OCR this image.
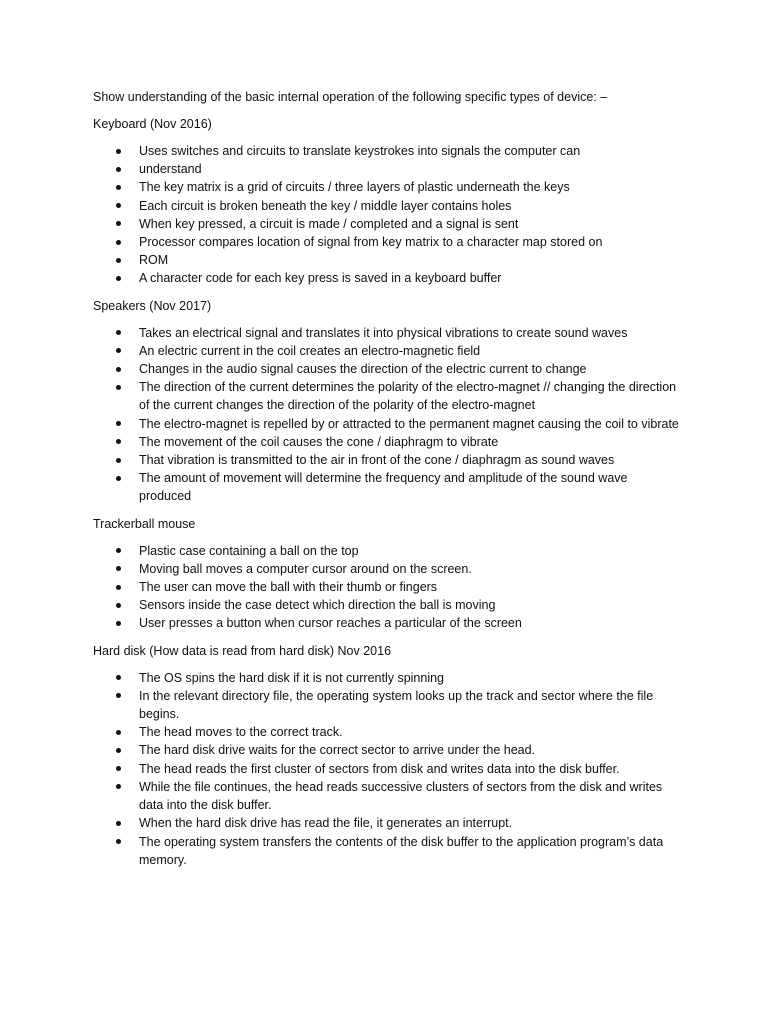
Show understanding of the basic internal operation of the following specific types of device: –

Keyboard (Nov 2016)

Uses switches and circuits to translate keystrokes into signals the computer can
understand
The key matrix is a grid of circuits / three layers of plastic underneath the keys
Each circuit is broken beneath the key / middle layer contains holes
When key pressed, a circuit is made / completed and a signal is sent
Processor compares location of signal from key matrix to a character map stored on
ROM
A character code for each key press is saved in a keyboard buffer

Speakers (Nov 2017)

Takes an electrical signal and translates it into physical vibrations to create sound waves
An electric current in the coil creates an electro-magnetic field
Changes in the audio signal causes the direction of the electric current to change
The direction of the current determines the polarity of the electro-magnet // changing the direction of the current changes the direction of the polarity of the electro-magnet
The electro-magnet is repelled by or attracted to the permanent magnet causing the coil to vibrate
The movement of the coil causes the cone / diaphragm to vibrate
That vibration is transmitted to the air in front of the cone / diaphragm as sound waves
The amount of movement will determine the frequency and amplitude of the sound wave produced

Trackerball mouse

Plastic case containing a ball on the top
Moving ball moves a computer cursor around on the screen.
The user can move the ball with their thumb or fingers
Sensors inside the case detect which direction the ball is moving
User presses a button when cursor reaches a particular of the screen

Hard disk (How data is read from hard disk) Nov 2016

The OS spins the hard disk if it is not currently spinning
In the relevant directory file, the operating system looks up the track and sector where the file begins.
The head moves to the correct track.
The hard disk drive waits for the correct sector to arrive under the head.
The head reads the first cluster of sectors from disk and writes data into the disk buffer.
While the file continues, the head reads successive clusters of sectors from the disk and writes data into the disk buffer.
When the hard disk drive has read the file, it generates an interrupt.
The operating system transfers the contents of the disk buffer to the application program’s data memory.
